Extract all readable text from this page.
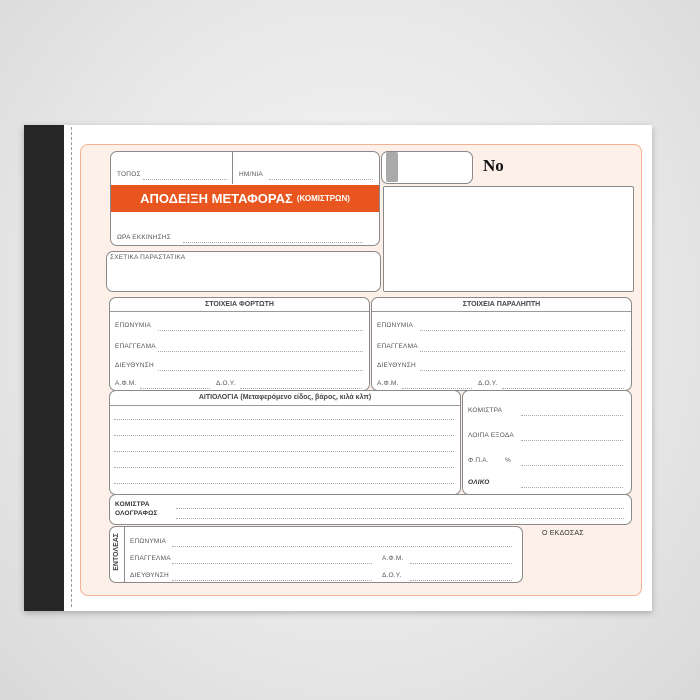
ΤΟΠΟΣ	ΗΜ/ΝΙΑ
ΑΠΟΔΕΙΞΗ ΜΕΤΑΦΟΡΑΣ (ΚΟΜΙΣΤΡΩΝ)
ΩΡΑ ΕΚΚΙΝΗΣΗΣ
No
ΣΧΕΤΙΚΑ ΠΑΡΑΣΤΑΤΙΚΑ
ΣΤΟΙΧΕΙΑ ΦΟΡΤΩΤΗ
ΕΠΩΝΥΜΙΑ
ΕΠΑΓΓΕΛΜΑ
ΔΙΕΥΘΥΝΣΗ
Α.Φ.Μ.	Δ.Ο.Υ.
ΣΤΟΙΧΕΙΑ ΠΑΡΑΛΗΠΤΗ
ΕΠΩΝΥΜΙΑ
ΕΠΑΓΓΕΛΜΑ
ΔΙΕΥΘΥΝΣΗ
Α.Φ.Μ.	Δ.Ο.Υ.
ΑΙΤΙΟΛΟΓΙΑ (Μεταφερόμενο είδος, βάρος, κιλά κλπ)
ΚΟΜΙΣΤΡΑ
ΛΟΙΠΑ ΕΞΟΔΑ
Φ.Π.Α. %
ΟΛΙΚΟ
ΚΟΜΙΣΤΡΑ
ΟΛΟΓΡΑΦΩΣ
ΕΝΤΟΛΕΑΣ ΕΠΩΝΥΜΙΑ
ΕΠΑΓΓΕΛΜΑ	Α.Φ.Μ.
ΔΙΕΥΘΥΝΣΗ	Δ.Ο.Υ.
Ο ΕΚΔΟΣΑΣ
